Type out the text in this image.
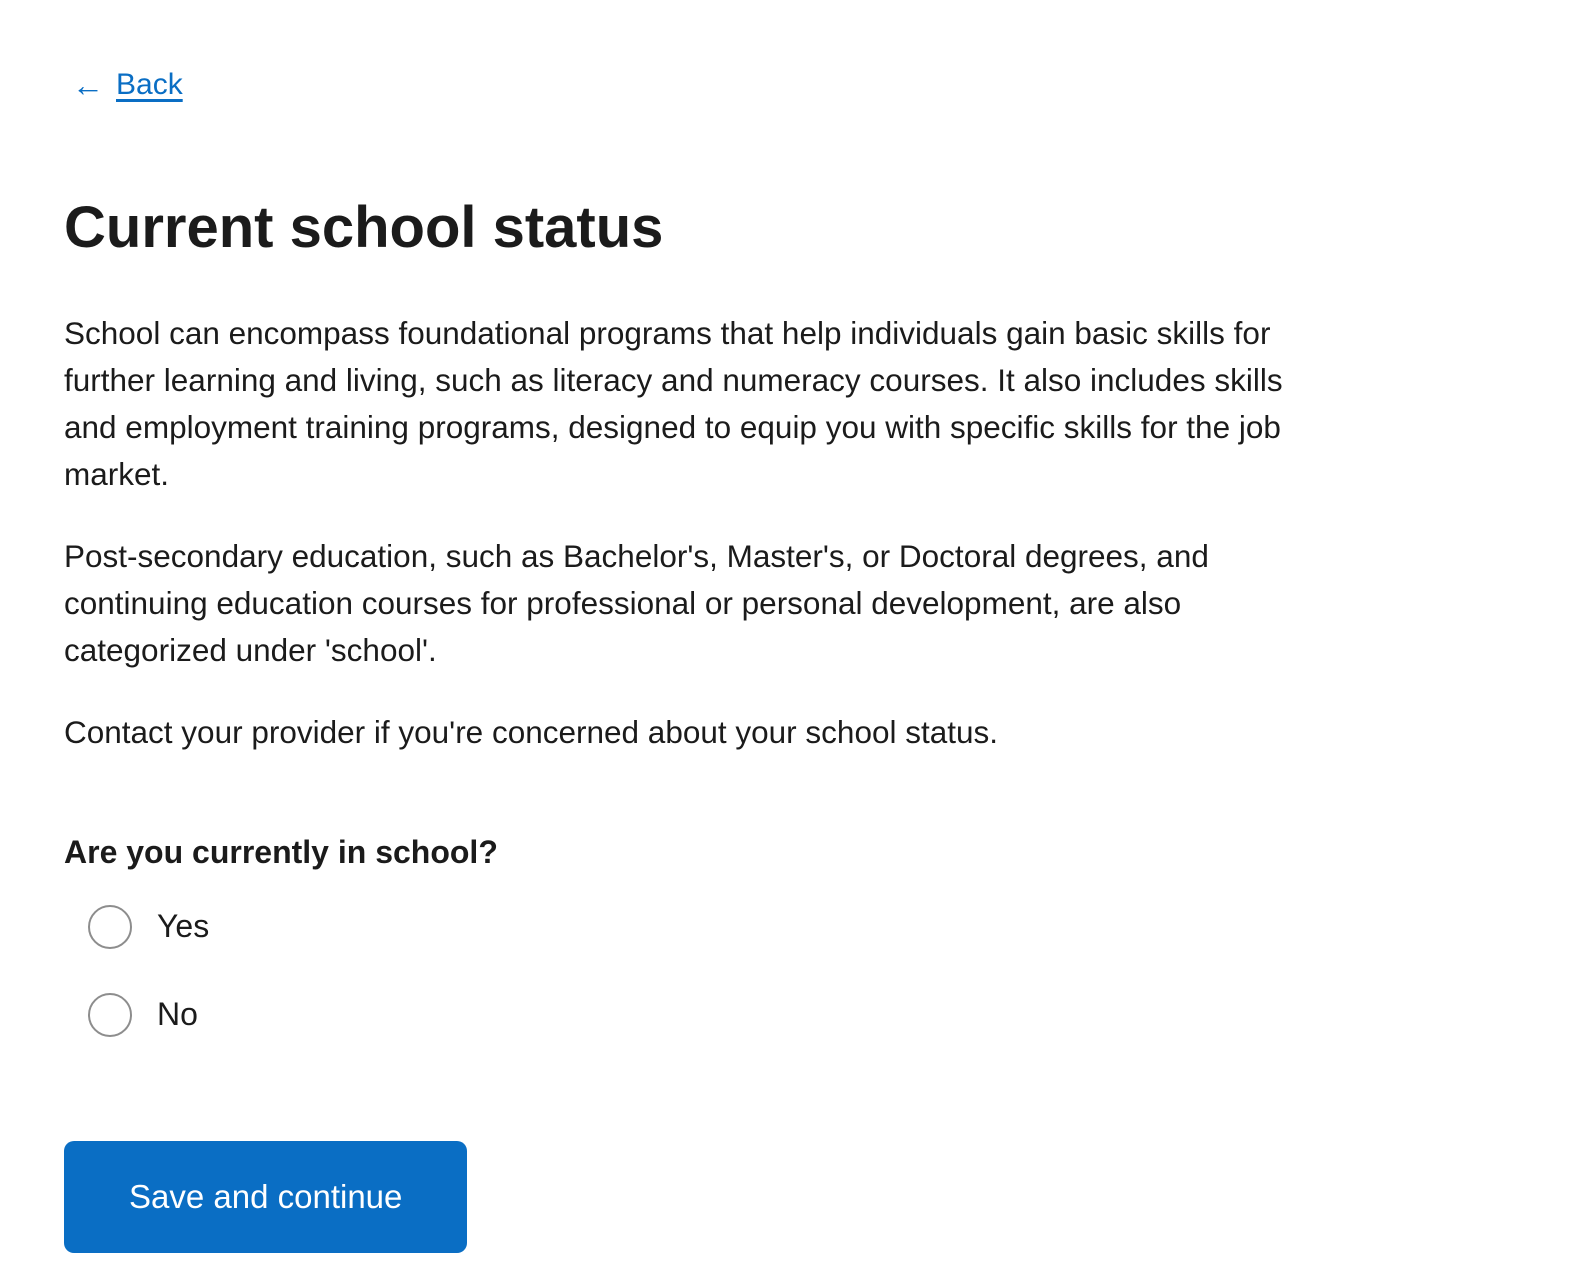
← Back
Current school status

School can encompass foundational programs that help individuals gain basic skills for further learning and living, such as literacy and numeracy courses. It also includes skills and employment training programs, designed to equip you with specific skills for the job market.

Post-secondary education, such as Bachelor's, Master's, or Doctoral degrees, and continuing education courses for professional or personal development, are also categorized under 'school'.

Contact your provider if you're concerned about your school status.

Are you currently in school?
Yes
No
Save and continue
